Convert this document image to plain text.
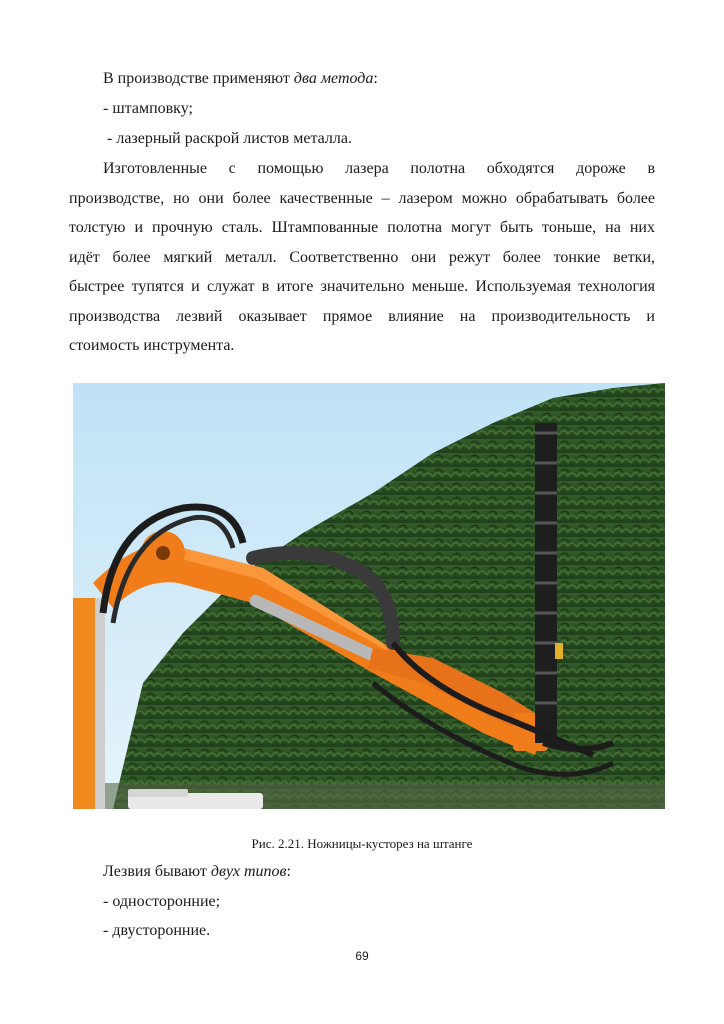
В производстве применяют два метода:
- штамповку;
- лазерный раскрой листов металла.
Изготовленные с помощью лазера полотна обходятся дороже в
производстве, но они более качественные – лазером можно обрабатывать более
толстую и прочную сталь. Штампованные полотна могут быть тоньше, на них
идёт более мягкий металл. Соответственно они режут более тонкие ветки,
быстрее тупятся и служат в итоге значительно меньше. Используемая технология
производства лезвий оказывает прямое влияние на производительность и
стоимость инструмента.
Рис. 2.21. Ножницы-кусторез на штанге
Лезвия бывают двух типов:
- односторонние;
- двусторонние.
69
